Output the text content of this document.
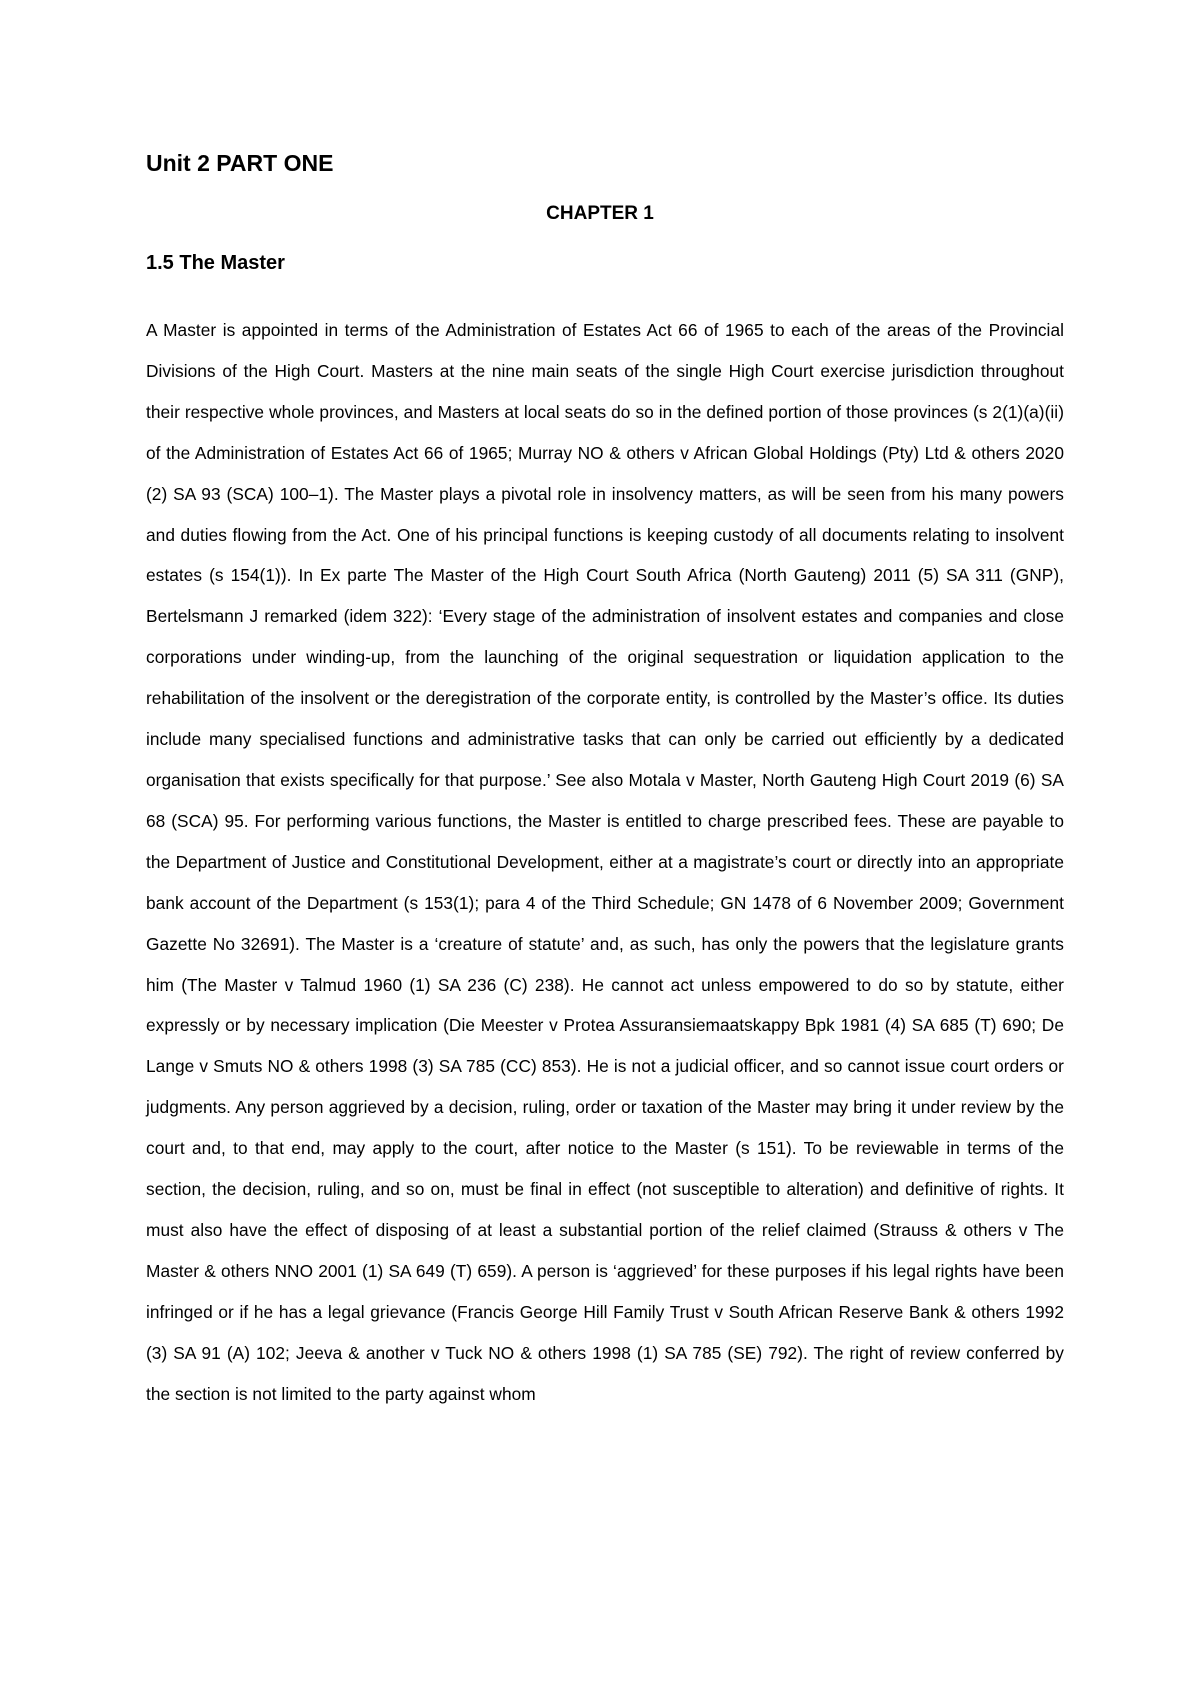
Unit 2 PART ONE
CHAPTER 1
1.5 The Master

A Master is appointed in terms of the Administration of Estates Act 66 of 1965 to each of the areas of the Provincial Divisions of the High Court. Masters at the nine main seats of the single High Court exercise jurisdiction throughout their respective whole provinces, and Masters at local seats do so in the defined portion of those provinces (s 2(1)(a)(ii) of the Administration of Estates Act 66 of 1965; Murray NO & others v African Global Holdings (Pty) Ltd & others 2020 (2) SA 93 (SCA) 100–1). The Master plays a pivotal role in insolvency matters, as will be seen from his many powers and duties flowing from the Act. One of his principal functions is keeping custody of all documents relating to insolvent estates (s 154(1)). In Ex parte The Master of the High Court South Africa (North Gauteng) 2011 (5) SA 311 (GNP), Bertelsmann J remarked (idem 322): ‘Every stage of the administration of insolvent estates and companies and close corporations under winding-up, from the launching of the original sequestration or liquidation application to the rehabilitation of the insolvent or the deregistration of the corporate entity, is controlled by the Master’s office. Its duties include many specialised functions and administrative tasks that can only be carried out efficiently by a dedicated organisation that exists specifically for that purpose.’ See also Motala v Master, North Gauteng High Court 2019 (6) SA 68 (SCA) 95. For performing various functions, the Master is entitled to charge prescribed fees. These are payable to the Department of Justice and Constitutional Development, either at a magistrate’s court or directly into an appropriate bank account of the Department (s 153(1); para 4 of the Third Schedule; GN 1478 of 6 November 2009; Government Gazette No 32691). The Master is a ‘creature of statute’ and, as such, has only the powers that the legislature grants him (The Master v Talmud 1960 (1) SA 236 (C) 238). He cannot act unless empowered to do so by statute, either expressly or by necessary implication (Die Meester v Protea Assuransiemaatskappy Bpk 1981 (4) SA 685 (T) 690; De Lange v Smuts NO & others 1998 (3) SA 785 (CC) 853). He is not a judicial officer, and so cannot issue court orders or judgments. Any person aggrieved by a decision, ruling, order or taxation of the Master may bring it under review by the court and, to that end, may apply to the court, after notice to the Master (s 151). To be reviewable in terms of the section, the decision, ruling, and so on, must be final in effect (not susceptible to alteration) and definitive of rights. It must also have the effect of disposing of at least a substantial portion of the relief claimed (Strauss & others v The Master & others NNO 2001 (1) SA 649 (T) 659). A person is ‘aggrieved’ for these purposes if his legal rights have been infringed or if he has a legal grievance (Francis George Hill Family Trust v South African Reserve Bank & others 1992 (3) SA 91 (A) 102; Jeeva & another v Tuck NO & others 1998 (1) SA 785 (SE) 792). The right of review conferred by the section is not limited to the party against whom
